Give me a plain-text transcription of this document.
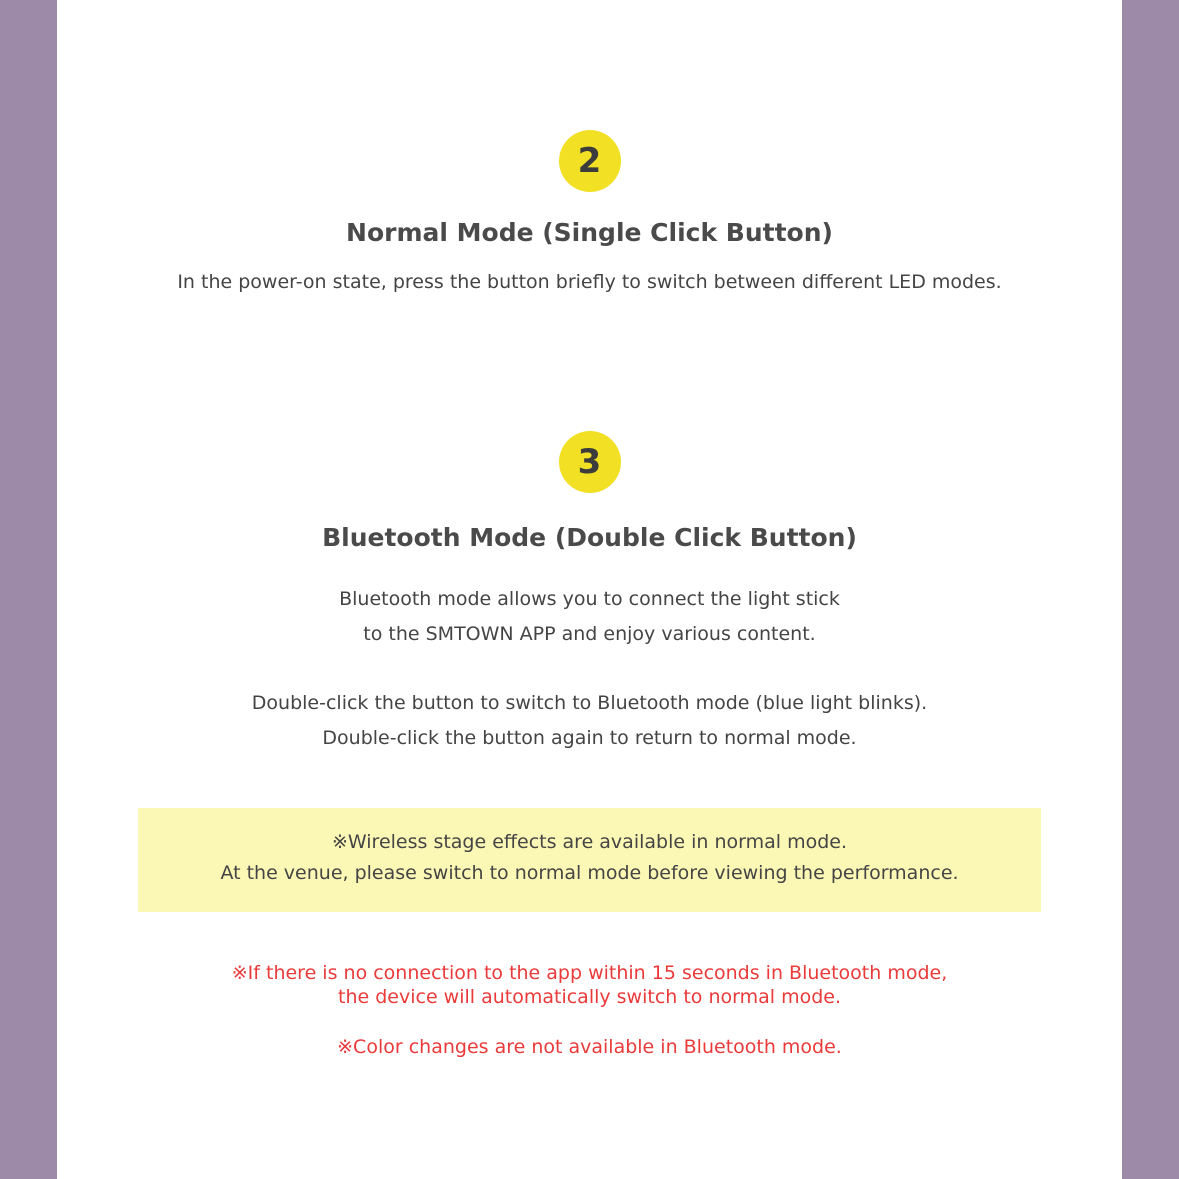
2
Normal Mode (Single Click Button)
In the power-on state, press the button briefly to switch between different LED modes.
3
Bluetooth Mode (Double Click Button)
Bluetooth mode allows you to connect the light stick
to the SMTOWN APP and enjoy various content.
Double-click the button to switch to Bluetooth mode (blue light blinks).
Double-click the button again to return to normal mode.
※Wireless stage effects are available in normal mode.
At the venue, please switch to normal mode before viewing the performance.
※If there is no connection to the app within 15 seconds in Bluetooth mode,
the device will automatically switch to normal mode.
※Color changes are not available in Bluetooth mode.
